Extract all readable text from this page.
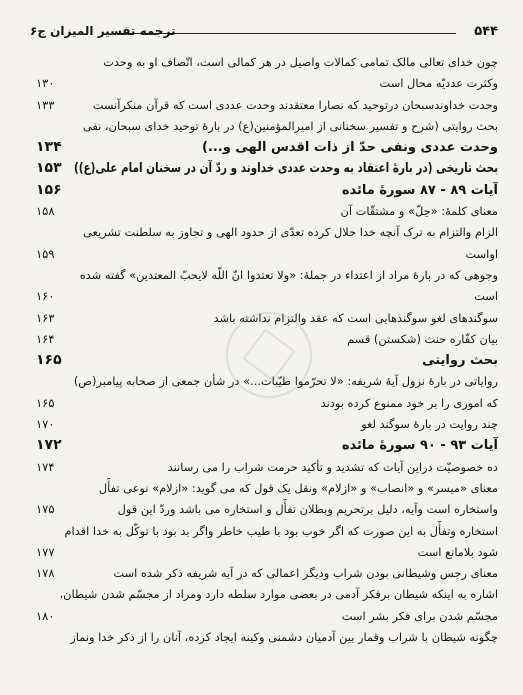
۵۴۴
ترجمه تفسیر المیزان ج۶
چون خدای تعالی مالک تمامی کمالات واصیل در هر کمالی است، اتّصاف او به وحدت
وکثرت عددیّه محال است
۱۳۰
وحدت خداوندسبحان درتوحید که نصارا معتقدند وحدت عددی است که قرآن منکرآنست
۱۳۳
بحث روایتی (شرح و تفسیر سخنانی از امیرالمؤمنین(ع) در بارهٔ توحید خدای سبحان، نفی
وحدت عددی ونفی حدّ از ذات اقدس الهی و...)
۱۳۴
بحث تاریخی (در بارهٔ اعتقاد به وحدت عددی خداوند و ردّ آن در سخنان امام علی(ع))
۱۵۳
آیات ۸۹ - ۸۷ سورهٔ مائده
۱۵۶
معنای کلمهٔ: «حِلّ» و مشتقّات آن
۱۵۸
الزام والتزام به ترک آنچه خدا حلال کرده تعدّی از حدود الهی و تجاوز به سلطنت تشریعی
اواست
۱۵۹
وجوهی که در بارهٔ مراد از اعتداء در جملهٔ: «ولا تعتدوا انّ اللّه لایحبّ المعتدین» گفته شده
است
۱۶۰
سوگندهای لغو سوگندهایی است که عقد والتزام نداشته باشد
۱۶۳
بیان کفّاره حنث (شکستن) قسم
۱۶۴
بحث روایتی
۱۶۵
روایاتی در بارهٔ نزول آیهٔ شریفه: «لا تحرّموا طیّبات...» در شأن جمعی از صحابه پیامبر(ص)
که اموری را بر خود ممنوع کرده بودند
۱۶۵
چند روایت در بارهٔ سوگند لغو
۱۷۰
آیات ۹۳ - ۹۰ سورهٔ مائده
۱۷۲
ده خصوصیّت دراین آیات که تشدید و تأکید حرمت شراب را می رسانند
۱۷۴
معنای «میسر» و «انصاب» و «ازلام» ونقل یک قول که می گوید: «ازلام» نوعی تفأّل
واستخاره است وآیه، دلیل برتحریم وبطلان تفأّل و استخاره می باشد وردّ این قول
۱۷۵
استخاره وتفأّل به این صورت که اگر خوب بود با طیب خاطر واگر بد بود با توکّل به خدا اقدام
شود بلامانع است
۱۷۷
معنای رجس وشیطانی بودن شراب ودیگر اعمالی که در آیه شریفه ذکر شده است
۱۷۸
اشاره به اینکه شیطان برفکر آدمی در بعضی موارد سلطه دارد ومراد از مجسّم شدن شیطان،
مجسّم شدن برای فکر بشر است
۱۸۰
چگونه شیطان با شراب وقمار بین آدمیان دشمنی وکینه ایجاد کرده، آنان را از ذکر خدا ونماز
